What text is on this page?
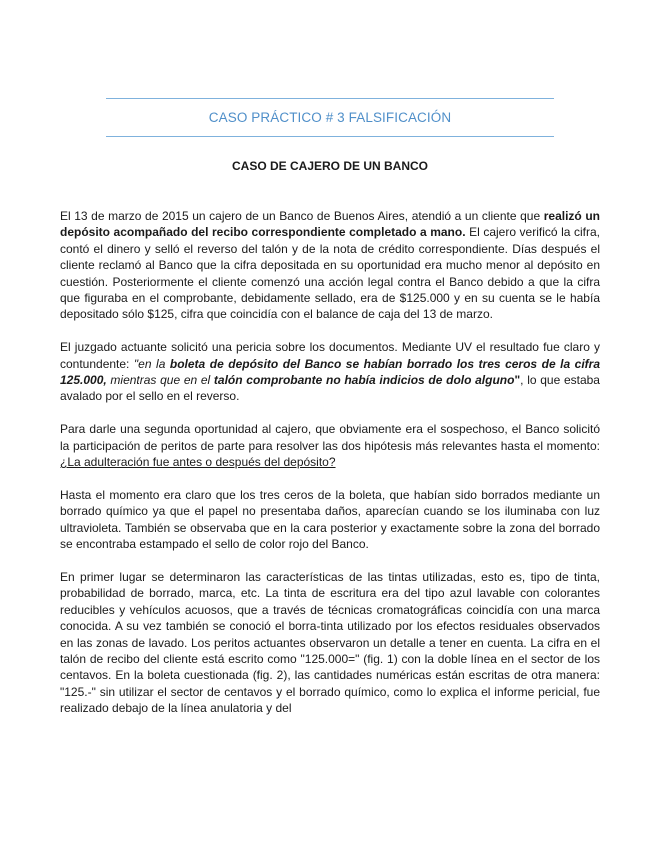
CASO PRÁCTICO # 3 FALSIFICACIÓN
CASO DE CAJERO DE UN BANCO

El 13 de marzo de 2015 un cajero de un Banco de Buenos Aires, atendió a un cliente que realizó un depósito acompañado del recibo correspondiente completado a mano. El cajero verificó la cifra, contó el dinero y selló el reverso del talón y de la nota de crédito correspondiente. Días después el cliente reclamó al Banco que la cifra depositada en su oportunidad era mucho menor al depósito en cuestión. Posteriormente el cliente comenzó una acción legal contra el Banco debido a que la cifra que figuraba en el comprobante, debidamente sellado, era de $125.000 y en su cuenta se le había depositado sólo $125, cifra que coincidía con el balance de caja del 13 de marzo.

El juzgado actuante solicitó una pericia sobre los documentos. Mediante UV el resultado fue claro y contundente: "en la boleta de depósito del Banco se habían borrado los tres ceros de la cifra 125.000, mientras que en el talón comprobante no había indicios de dolo alguno", lo que estaba avalado por el sello en el reverso.

Para darle una segunda oportunidad al cajero, que obviamente era el sospechoso, el Banco solicitó la participación de peritos de parte para resolver las dos hipótesis más relevantes hasta el momento: ¿La adulteración fue antes o después del depósito?

Hasta el momento era claro que los tres ceros de la boleta, que habían sido borrados mediante un borrado químico ya que el papel no presentaba daños, aparecían cuando se los iluminaba con luz ultravioleta. También se observaba que en la cara posterior y exactamente sobre la zona del borrado se encontraba estampado el sello de color rojo del Banco.

En primer lugar se determinaron las características de las tintas utilizadas, esto es, tipo de tinta, probabilidad de borrado, marca, etc. La tinta de escritura era del tipo azul lavable con colorantes reducibles y vehículos acuosos, que a través de técnicas cromatográficas coincidía con una marca conocida. A su vez también se conoció el borra-tinta utilizado por los efectos residuales observados en las zonas de lavado. Los peritos actuantes observaron un detalle a tener en cuenta. La cifra en el talón de recibo del cliente está escrito como "125.000=" (fig. 1) con la doble línea en el sector de los centavos. En la boleta cuestionada (fig. 2), las cantidades numéricas están escritas de otra manera: "125.-" sin utilizar el sector de centavos y el borrado químico, como lo explica el informe pericial, fue realizado debajo de la línea anulatoria y del
